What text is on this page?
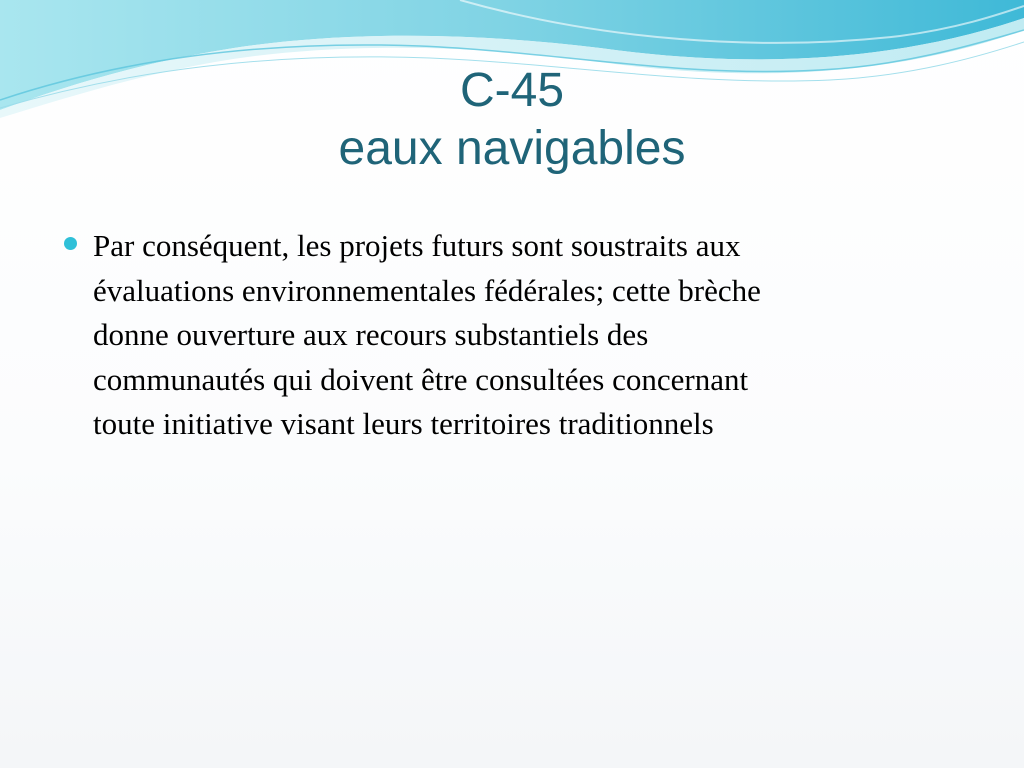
C-45
eaux navigables
Par conséquent, les projets futurs sont soustraits aux
évaluations environnementales fédérales; cette brèche
donne ouverture aux recours substantiels des
communautés qui doivent être consultées concernant
toute initiative visant leurs territoires traditionnels
